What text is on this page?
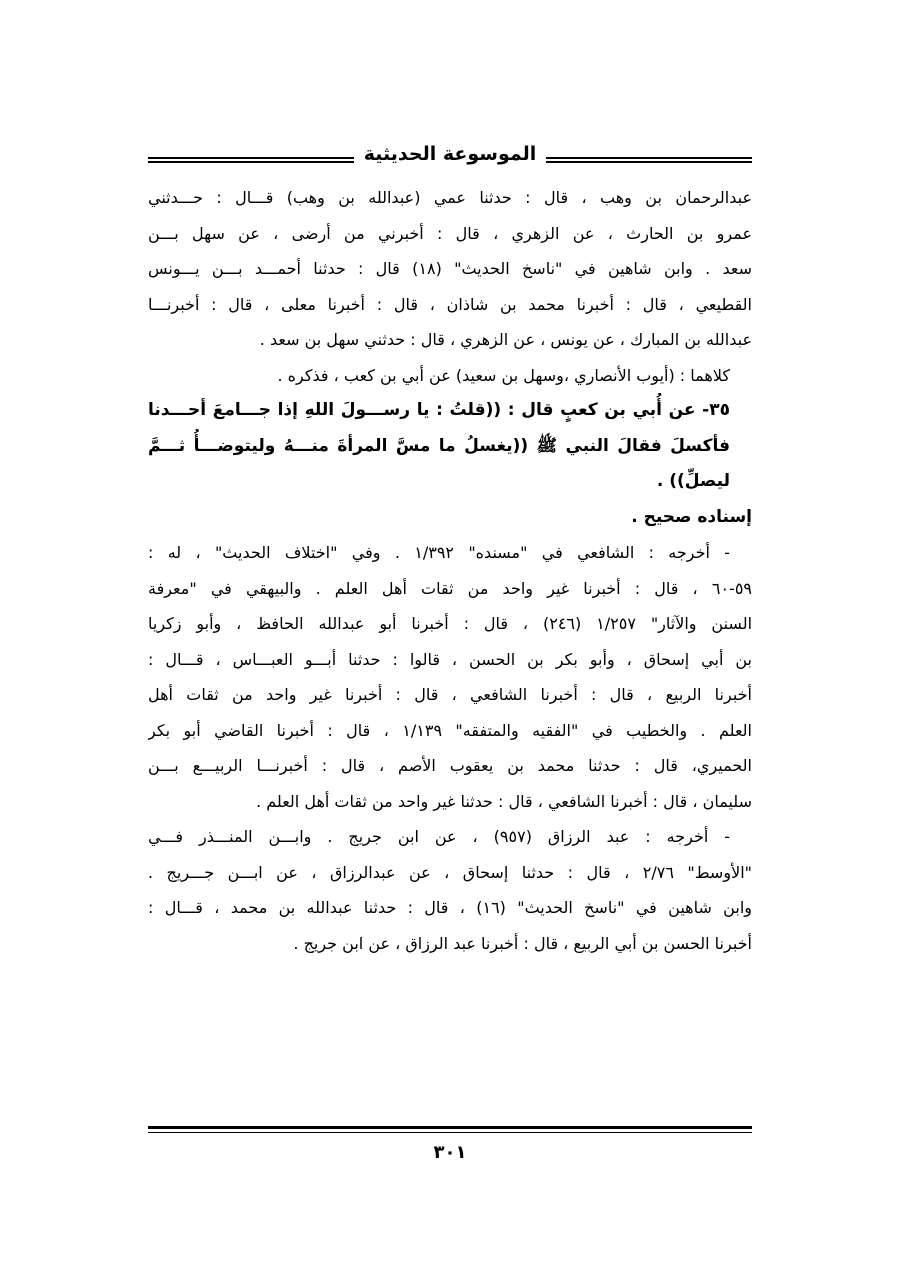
الموسوعة الحديثية
عبدالرحمان بن وهب ، قال : حدثنا عمي (عبدالله بن وهب) قـــال : حـــدثني
عمرو بن الحارث ، عن الزهري ، قال : أخبرني من أرضى ، عن سهل بـــن
سعد . وابن شاهين في "ناسخ الحديث" (١٨) قال : حدثنا أحمـــد بـــن يـــونس
القطيعي ، قال : أخبرنا محمد بن شاذان ، قال : أخبرنا معلى ، قال : أخبرنـــا
عبدالله بن المبارك ، عن يونس ، عن الزهري ، قال : حدثني سهل بن سعد .
كلاهما : (أيوب الأنصاري ،وسهل بن سعيد) عن أبي بن كعب ، فذكره .
٣٥- عن أُبي بن كعبٍ قال : ((قلتُ : يا رســـولَ اللهِ إذا جـــامعَ أحـــدنا
فأكسلَ فقالَ النبي ﷺ ((يغسلُ ما مسَّ المرأةَ منـــهُ وليتوضـــأُ ثـــمَّ
ليصلِّ)) .
إسناده صحيح .
- أخرجه : الشافعي في "مسنده" ١/٣٩٢ . وفي "اختلاف الحديث" ، له :
٥٩-٦٠ ، قال : أخبرنا غير واحد من ثقات أهل العلم . والبيهقي في "معرفة
السنن والآثار" ١/٢٥٧ (٢٤٦) ، قال : أخبرنا أبو عبدالله الحافظ ، وأبو زكريا
بن أبي إسحاق ، وأبو بكر بن الحسن ، قالوا : حدثنا أبـــو العبـــاس ، قـــال :
أخبرنا الربيع ، قال : أخبرنا الشافعي ، قال : أخبرنا غير واحد من ثقات أهل
العلم . والخطيب في "الفقيه والمتفقه" ١/١٣٩ ، قال : أخبرنا القاضي أبو بكر
الحميري، قال : حدثنا محمد بن يعقوب الأصم ، قال : أخبرنـــا الربيـــع بـــن
سليمان ، قال : أخبرنا الشافعي ، قال : حدثنا غير واحد من ثقات أهل العلم .
- أخرجه : عبد الرزاق (٩٥٧) ، عن ابن جريج . وابـــن المنـــذر فـــي
"الأوسط" ٢/٧٦ ، قال : حدثنا إسحاق ، عن عبدالرزاق ، عن ابـــن جـــريج .
وابن شاهين في "ناسخ الحديث" (١٦) ، قال : حدثنا عبدالله بن محمد ، قـــال :
أخبرنا الحسن بن أبي الربيع ، قال : أخبرنا عبد الرزاق ، عن ابن جريج .
٣٠١
